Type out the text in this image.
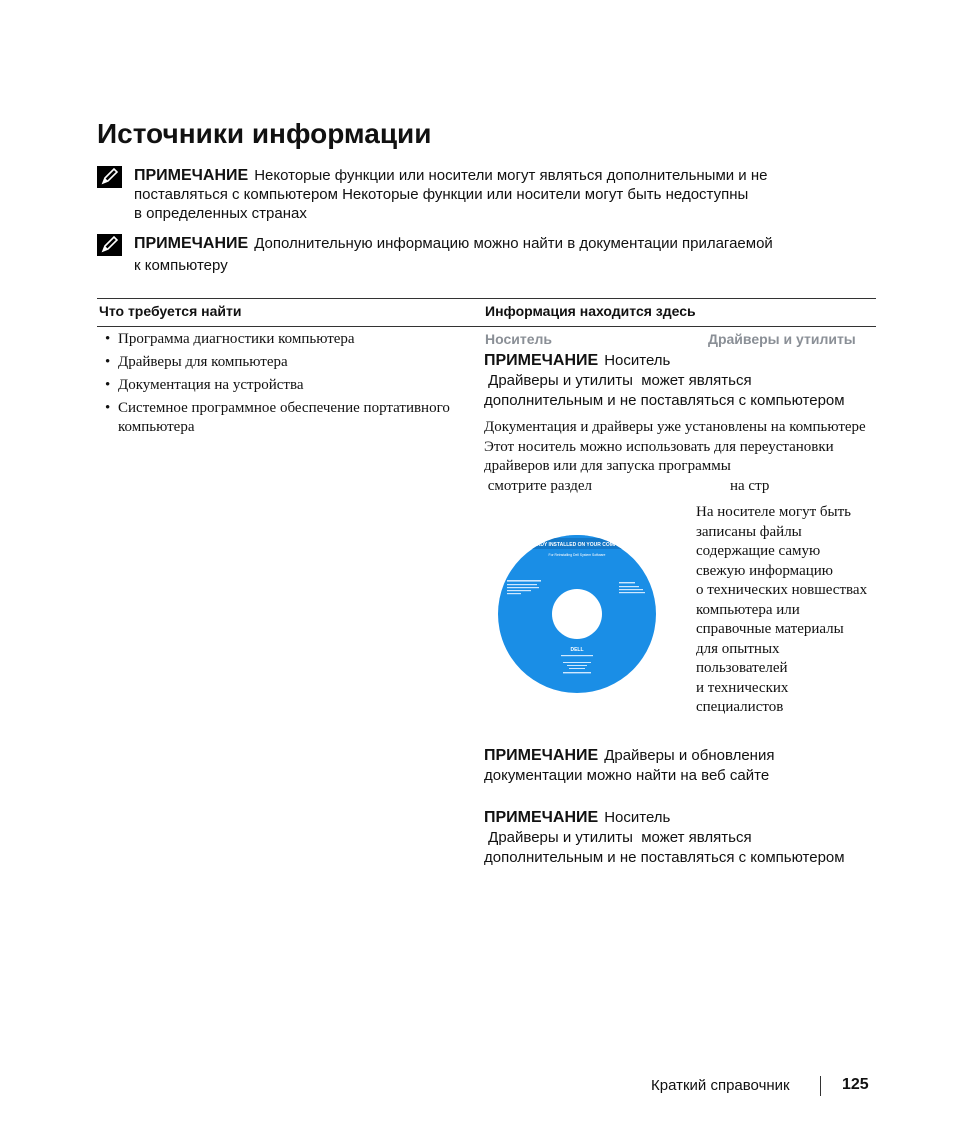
Источники информации
ПРИМЕЧАНИЕ Некоторые функции или носители могут являться дополнительными и не
поставляться с компьютером Некоторые функции или носители могут быть недоступны
в определенных странах
ПРИМЕЧАНИЕ Дополнительную информацию можно найти в документации прилагаемой
к компьютеру
Что требуется найти	Информация находится здесь
• Программа диагностики компьютера
• Драйверы для компьютера
• Документация на устройства
• Системное программное обеспечение портативного
компьютера
Носитель	Драйверы и утилиты
ПРИМЕЧАНИЕ Носитель
Драйверы и утилиты  может являться
дополнительным и не поставляться с компьютером
Документация и драйверы уже установлены на компьютере
Этот носитель можно использовать для переустановки
драйверов или для запуска программы
смотрите раздел	на стр
DRIVERS AND UTILITIES
ALREADY INSTALLED ON YOUR COMPUTER
For Reinstalling Dell System Software
DELL
На носителе могут быть
записаны файлы
содержащие самую
свежую информацию
о технических новшествах
компьютера или
справочные материалы
для опытных
пользователей
и технических
специалистов
ПРИМЕЧАНИЕ Драйверы и обновления
документации можно найти на веб сайте
ПРИМЕЧАНИЕ Носитель
Драйверы и утилиты  может являться
дополнительным и не поставляться с компьютером
Краткий справочник	125
